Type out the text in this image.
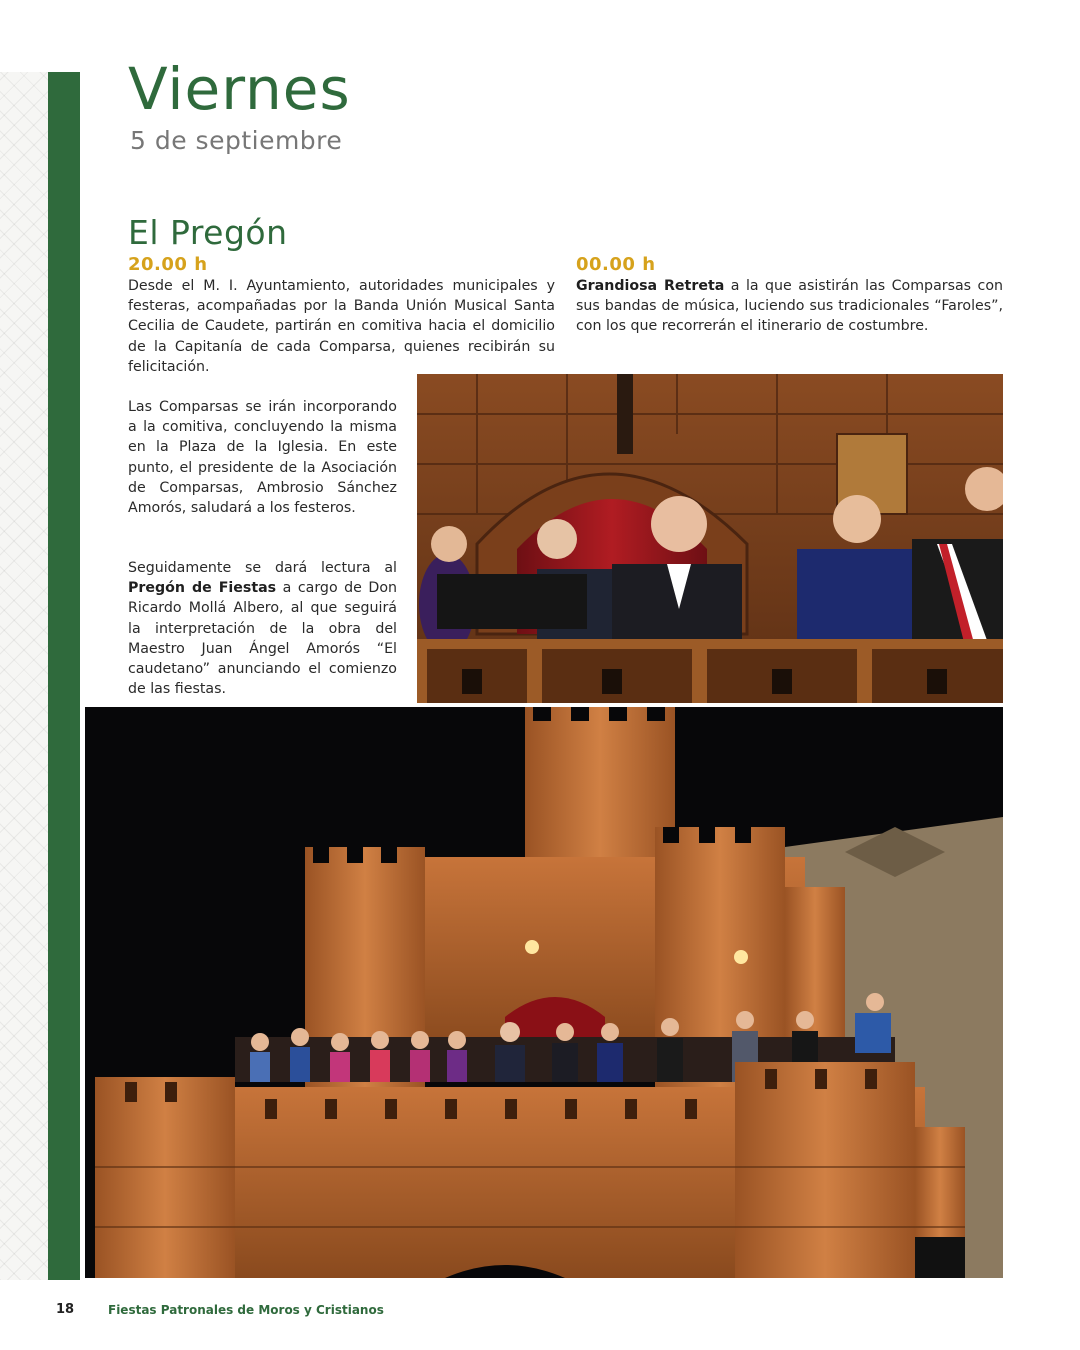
CAUDETE 2025
Viernes
5 de septiembre
El Pregón
20.00 h

Desde el M. I. Ayuntamiento, autoridades municipales y festeras, acompañadas por la Banda Unión Musical Santa Cecilia de Caudete, partirán en comitiva hacia el domicilio de la Capitanía de cada Comparsa, quienes recibirán su felicitación.

Las Comparsas se irán incorporando a la comitiva, concluyendo la misma en la Plaza de la Iglesia. En este punto, el presidente de la Asociación de Comparsas, Ambrosio Sánchez Amorós, saludará a los festeros.

Seguidamente se dará lectura al Pregón de Fiestas a cargo de Don Ricardo Mollá Albero, al que seguirá la interpretación de la obra del Maestro Juan Ángel Amorós “El caudetano” anunciando el comienzo de las fiestas.

00.00 h

Grandiosa Retreta a la que asistirán las Comparsas con sus bandas de música, luciendo sus tradicionales “Faroles”, con los que recorrerán el itinerario de costumbre.

18	Fiestas Patronales de Moros y Cristianos
